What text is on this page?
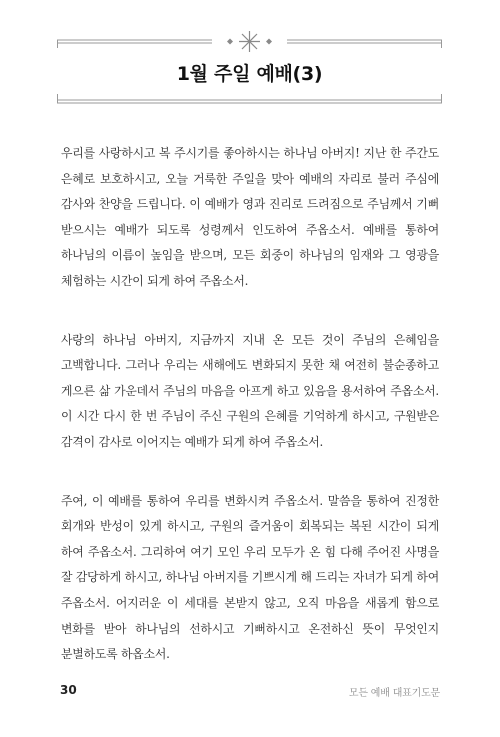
1월 주일 예배(3)

우리를 사랑하시고 복 주시기를 좋아하시는 하나님 아버지! 지난 한 주간도 은혜로 보호하시고, 오늘 거룩한 주일을 맞아 예배의 자리로 불러 주심에 감사와 찬양을 드립니다. 이 예배가 영과 진리로 드려짐으로 주님께서 기뻐 받으시는 예배가 되도록 성령께서 인도하여 주옵소서. 예배를 통하여 하나님의 이름이 높임을 받으며, 모든 회중이 하나님의 임재와 그 영광을 체험하는 시간이 되게 하여 주옵소서.

사랑의 하나님 아버지, 지금까지 지내 온 모든 것이 주님의 은혜임을 고백합니다. 그러나 우리는 새해에도 변화되지 못한 채 여전히 불순종하고 게으른 삶 가운데서 주님의 마음을 아프게 하고 있음을 용서하여 주옵소서. 이 시간 다시 한 번 주님이 주신 구원의 은혜를 기억하게 하시고, 구원받은 감격이 감사로 이어지는 예배가 되게 하여 주옵소서.

주여, 이 예배를 통하여 우리를 변화시켜 주옵소서. 말씀을 통하여 진정한 회개와 반성이 있게 하시고, 구원의 즐거움이 회복되는 복된 시간이 되게 하여 주옵소서. 그리하여 여기 모인 우리 모두가 온 힘 다해 주어진 사명을 잘 감당하게 하시고, 하나님 아버지를 기쁘시게 해 드리는 자녀가 되게 하여 주옵소서. 어지러운 이 세대를 본받지 않고, 오직 마음을 새롭게 함으로 변화를 받아 하나님의 선하시고 기뻐하시고 온전하신 뜻이 무엇인지 분별하도록 하옵소서.

30	모든 예배 대표기도문
